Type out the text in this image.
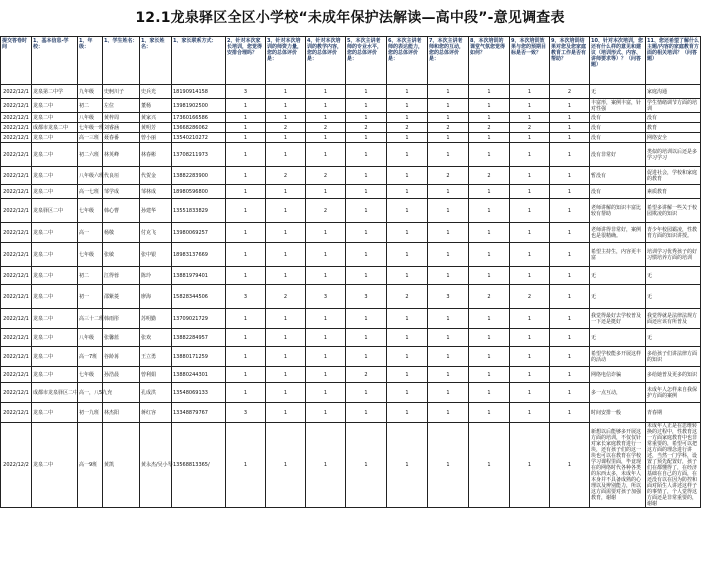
12.1龙泉驿区全区小学校“未成年保护法解读—高中段”-意见调查表
提交答卷时间	1、基本信息-学校：	1、年级：	1、学生姓名：	1、家长姓名：	1、家长联系方式：	2、针对本次家长培训，您觉得安排合理吗？	3、针对本次培训的师资力量，您的总体评价是：	4、针对本次培训的教学内容，您的总体评价是：	5、本次主讲老师的专业水平，您的总体评价是：	6、本次主讲老师的表达能力，您的总体评价是：	7、本次主讲老师和您的互动，您的总体评价是：	8、本次培训的课堂气氛您觉得如何？	9、本次培训效果与您的预期目标是否一致？	9、本次培训结果对您及您家庭教育工作是否有帮助？	10、针对本次培训，您还有什么样的意见和建议（培训形式、内容、讲师要求等）？（问答题）	11、您还希望了解什么主题/内容的家庭教育方面的相关培训？（问答题）
2022/12/1	龙泉第二中学	九年级	史舸川子	史兵光	18190914158	3	1	1	1	1	1	1	1	2	无	家庭沟通
2022/12/1	龙泉二中	初二	左位	董杨	13981902500	1	1	1	1	1	1	1	1	1	丰富形，案例丰富，针对性强	学生情绪调节方面的培训
2022/12/1	龙泉二中	八年级	黄梓周	黄家兴	17360166586	1	1	1	1	1	1	1	1	1	没有	没有
2022/12/1	成都市龙泉二中	七年级一班	刘睿涵	黄明芳	13668286062	1	2	2	2	2	2	2	2	1	没有	教育
2022/12/1	龙泉二中	高一三班	聂春番	曾小丽	13540210272	1	1	1	1	1	1	1	1	1	没有	网络安全
2022/12/1	龙泉二中	初二六班	林英峰	林春彬	13708211973	1	1	1	1	1	1	1	1	1	没有非常好	类似的培训以后还是多学习学习
2022/12/1	龙泉二中	八年级六班	代良垣	代贺金	13882283900	1	2	2	1	1	2	2	1	1	暂没有	促进社会，学校和家庭的教育
2022/12/1	龙泉二中	高一七班	邹学成	邹林成	18980596800	1	1	1	1	1	1	1	1	1	没有	素质教育
2022/12/1	龙泉驿区二中	七年级	韩心曹	孙建华	13551833829	1	1	2	1	1	1	1	1	1	老师讲解的知识丰富比较有帮助	希望多讲解一些关于校园欺凌的知识
2022/12/1	龙泉二中	高一	杨敬	付克飞	13980069257	1	1	1	1	1	1	1	1	1	老师讲得非常好，案例也是很精确。	青少年校园霸凌，性教育方面的知识讲授。
2022/12/1	龙泉二中	七年级	张敏	张中银	18983137669	1	1	1	1	1	1	1	1	1	希望主持生，内容更丰富	培训学习优秀孩子的好习惯培养方面的培训
2022/12/1	龙泉二中	初二	江得蓉	陈玲	13881979401	1	1	1	1	1	1	1	1	1	无	无
2022/12/1	龙泉二中	初一	邵紫菱	廖海	15828344506	3	2	3	3	2	3	2	2	1	无	无
2022/12/1	龙泉二中	高三十二班	韩雨彤	苏明勤	13709021729	1	1	1	1	1	1	1	1	1	我觉得最好去学校普及一下还是挺好	我觉得就是法律法规方面还应该有所普及
2022/12/1	龙泉二中	八年级	张馨蓝	张欢	13882284957	1	1	1	1	1	1	1	1	1	无	无
2022/12/1	龙泉二中	高一7班	谷龄苒	王立勇	13880171259	1	1	1	1	1	1	1	1	1	希望学校能多开展这样的活动	多给孩子们讲法律方面的知识
2022/12/1	龙泉二中	七年级	孙浩晨	曾利娟	13880244301	1	1	1	2	1	1	1	1	1	网络电信诈骗	多给她普及更多的知识
2022/12/1	成都市龙泉驿区二中	高一，八5九充		孔成洪	13548069133	1	1	1	1	1	1	1	1	1	多一点互动，	未成年人怎样来自我保护方面的案例
2022/12/1	龙泉二中	初一九班	林杰阳	蒋红容	13348879767	3	1	1	1	1	1	1	1	1	时间安排一般	青春期
2022/12/2	龙泉二中	高一9班	黄凯	黄永杰/吴小琴	13568813365/	1	1	1	1	1	1	1	1	1	新想以后能够多开展这方面的培训，不仅仅针对家长家庭教育进行一块，还有孩子们的这一块也可以在教育在学校学习课程里面，毕竟现在的网络时代各种各类的东西太多，未成年人本身并不具备成熟的心理以及辨别能力，所以这方面需要对孩子加强教育，谢谢	未成年人正是在思维转换的过程中，性教育这一方面家庭教育中也非常重要的，希望可以把这方面的理念进行讲述，当然一门学科，设置了预先配置好，孩子们在都懂得了，在经济基础在自己的方面，在还没有以在因为防控和面对陌生人讲述这样子的事情了，个人觉得这方面还是非常重要的，谢谢
